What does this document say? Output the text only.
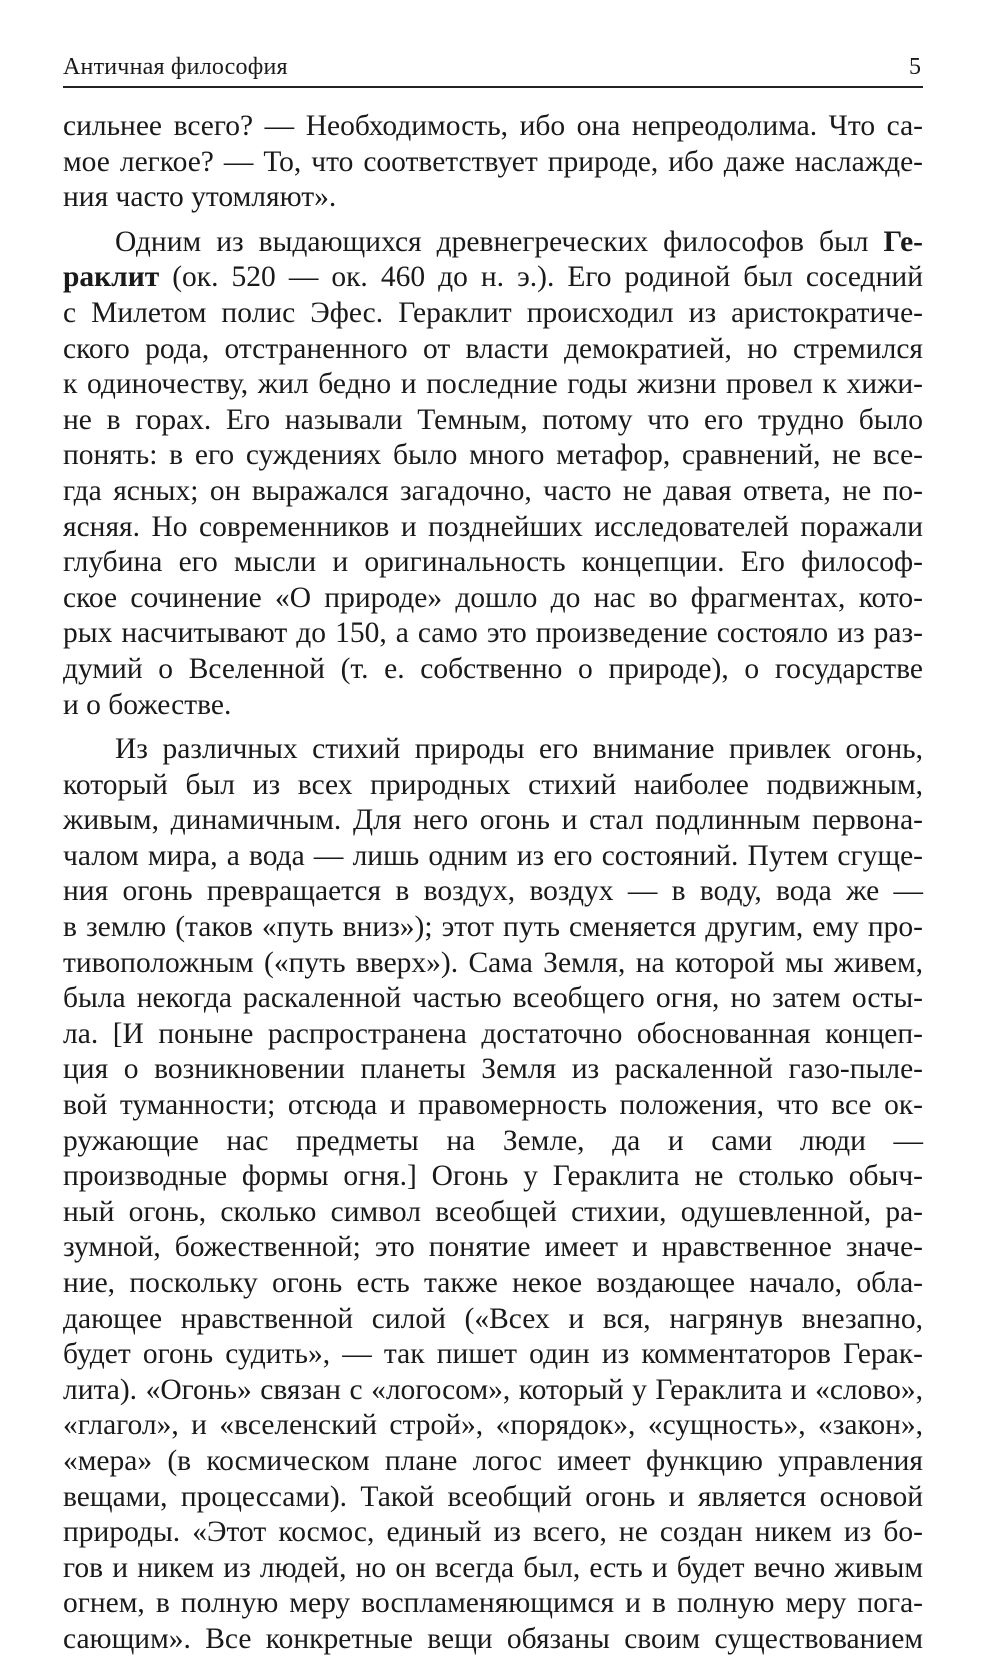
Античная философия	5
сильнее всего? — Необходимость, ибо она непреодолима. Что са-
мое легкое? — То, что соответствует природе, ибо даже наслажде-
ния часто утомляют».
Одним из выдающихся древнегреческих философов был Ге-
раклит (ок. 520 — ок. 460 до н. э.). Его родиной был соседний
с Милетом полис Эфес. Гераклит происходил из аристократиче-
ского рода, отстраненного от власти демократией, но стремился
к одиночеству, жил бедно и последние годы жизни провел к хижи-
не в горах. Его называли Темным, потому что его трудно было
понять: в его суждениях было много метафор, сравнений, не все-
гда ясных; он выражался загадочно, часто не давая ответа, не по-
ясняя. Но современников и позднейших исследователей поражали
глубина его мысли и оригинальность концепции. Его философ-
ское сочинение «О природе» дошло до нас во фрагментах, кото-
рых насчитывают до 150, а само это произведение состояло из раз-
думий о Вселенной (т. е. собственно о природе), о государстве
и о божестве.
Из различных стихий природы его внимание привлек огонь,
который был из всех природных стихий наиболее подвижным,
живым, динамичным. Для него огонь и стал подлинным первона-
чалом мира, а вода — лишь одним из его состояний. Путем сгуще-
ния огонь превращается в воздух, воздух — в воду, вода же —
в землю (таков «путь вниз»); этот путь сменяется другим, ему про-
тивоположным («путь вверх»). Сама Земля, на которой мы живем,
была некогда раскаленной частью всеобщего огня, но затем осты-
ла. [И поныне распространена достаточно обоснованная концеп-
ция о возникновении планеты Земля из раскаленной газо-пыле-
вой туманности; отсюда и правомерность положения, что все ок-
ружающие нас предметы на Земле, да и сами люди —
производные формы огня.] Огонь у Гераклита не столько обыч-
ный огонь, сколько символ всеобщей стихии, одушевленной, ра-
зумной, божественной; это понятие имеет и нравственное значе-
ние, поскольку огонь есть также некое воздающее начало, обла-
дающее нравственной силой («Всех и вся, нагрянув внезапно,
будет огонь судить», — так пишет один из комментаторов Герак-
лита). «Огонь» связан с «логосом», который у Гераклита и «слово»,
«глагол», и «вселенский строй», «порядок», «сущность», «закон»,
«мера» (в космическом плане логос имеет функцию управления
вещами, процессами). Такой всеобщий огонь и является основой
природы. «Этот космос, единый из всего, не создан никем из бо-
гов и никем из людей, но он всегда был, есть и будет вечно живым
огнем, в полную меру воспламеняющимся и в полную меру пога-
сающим». Все конкретные вещи обязаны своим существованием
